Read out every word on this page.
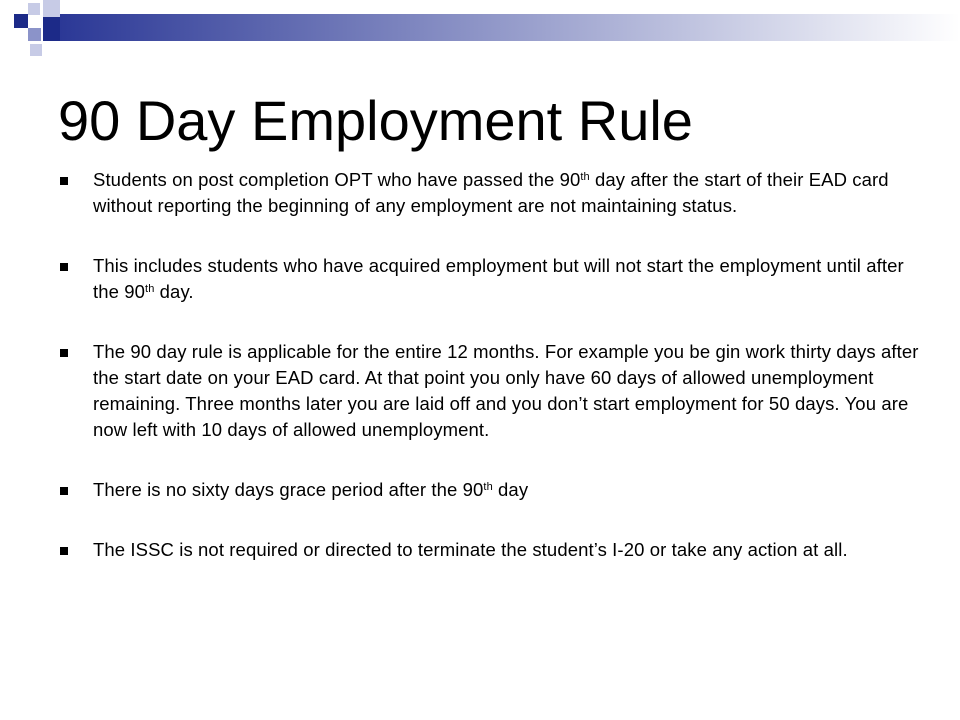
90 Day Employment Rule
Students on post completion OPT who have passed the 90th day after the start of their EAD card without reporting the beginning of any employment are not maintaining status.
This includes students who have acquired employment but will not start the employment until after the 90th day.
The 90 day rule is applicable for the entire 12 months. For example you be gin work thirty days after the start date on your EAD card. At that point you only have 60 days of allowed unemployment remaining. Three months later you are laid off and you don’t start employment for 50 days. You are now left with 10 days of allowed unemployment.
There is no sixty days grace period after the 90th day
The ISSC is not required or directed to terminate the student’s I-20 or take any action at all.
